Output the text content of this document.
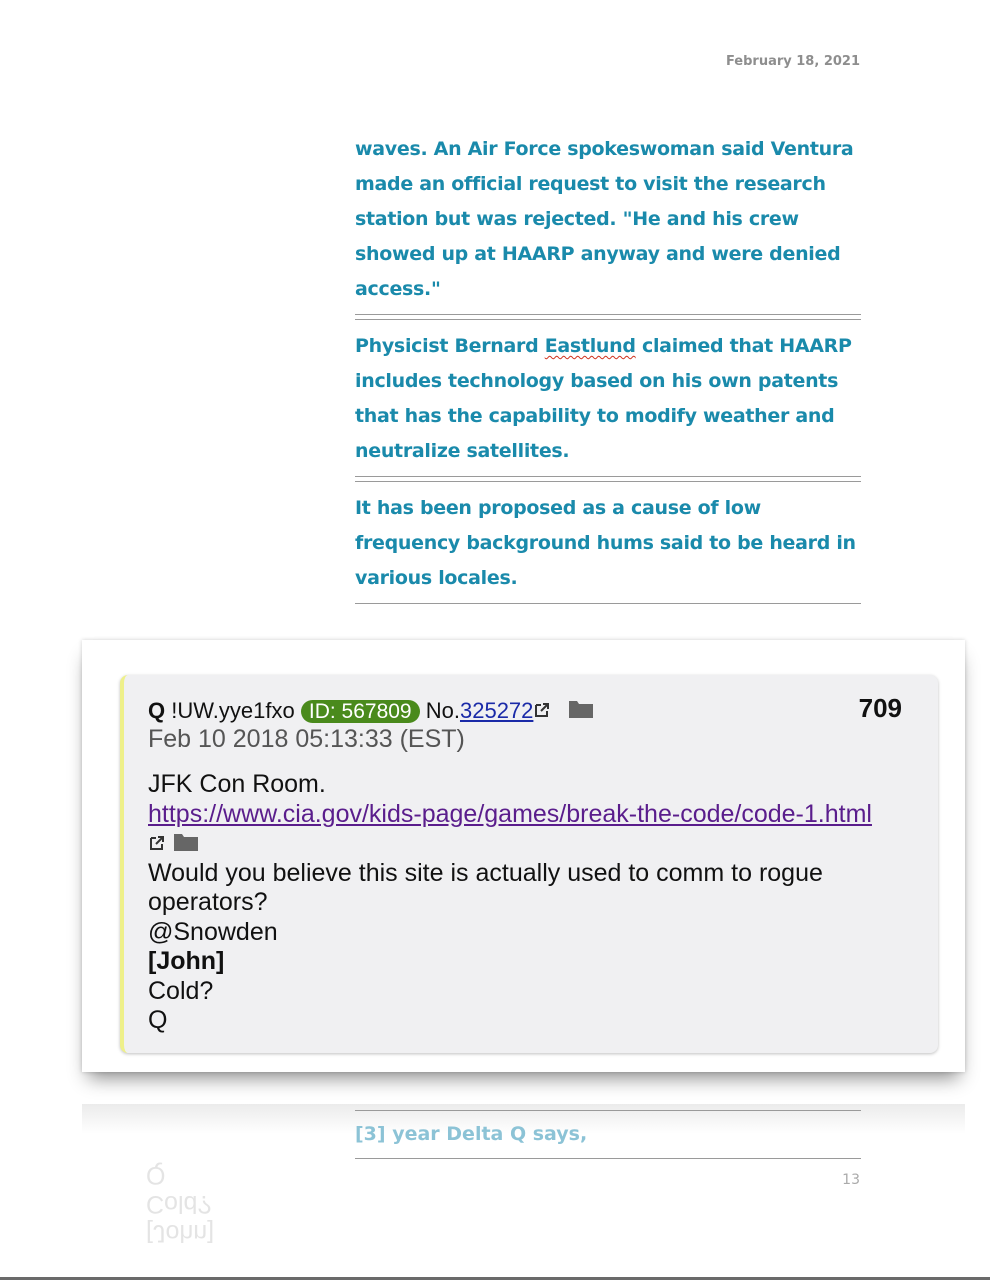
February 18, 2021

waves. An Air Force spokeswoman said Ventura made an official request to visit the research station but was rejected. "He and his crew showed up at HAARP anyway and were denied access."

Physicist Bernard Eastlund claimed that HAARP includes technology based on his own patents that has the capability to modify weather and neutralize satellites.

It has been proposed as a cause of low frequency background hums said to be heard in various locales.

Q !UW.yye1fxo ID: 567809 No.325272	709
Feb 10 2018 05:13:33 (EST)
JFK Con Room.
https://www.cia.gov/kids-page/games/break-the-code/code-1.html

Would you believe this site is actually used to comm to rogue
operators?
@Snowden
[John]
Cold?
Q
[3] year Delta Q says,
[John]
Cold?
Q	13
